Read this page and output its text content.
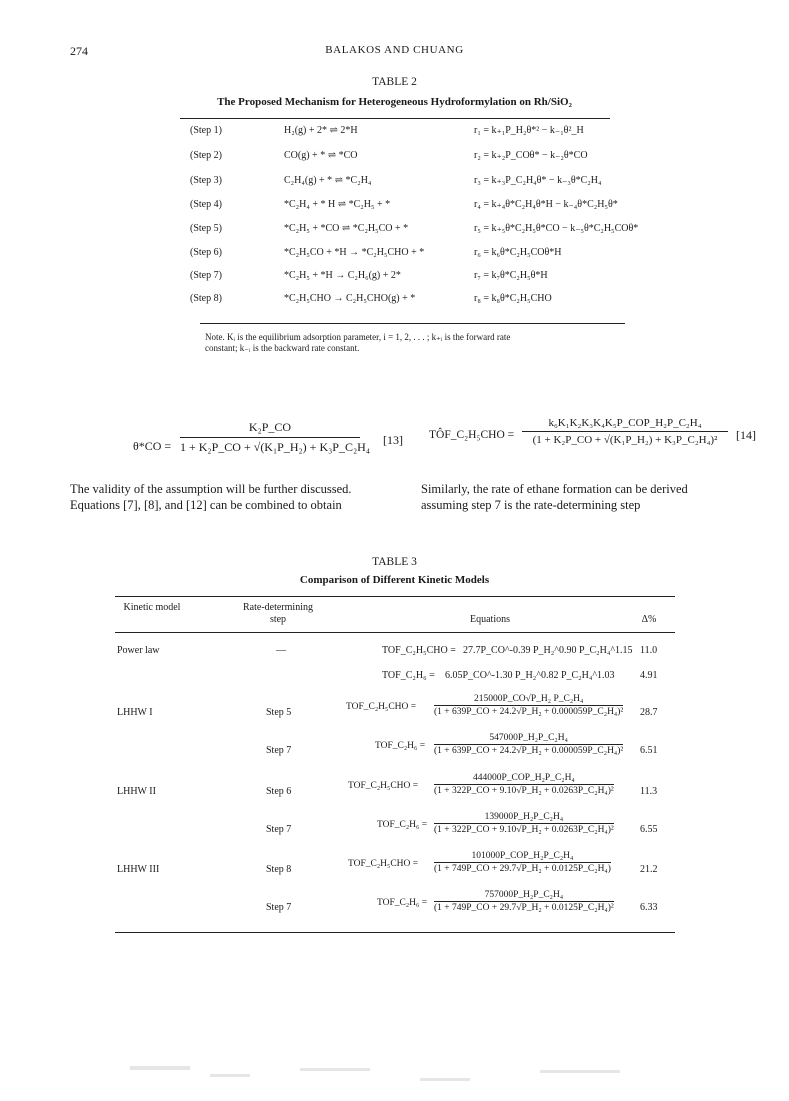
274	BALAKOS AND CHUANG
TABLE 2
The Proposed Mechanism for Heterogeneous Hydroformylation on Rh/SiO₂
(Step 1)	H₂(g) + 2* ⇌ 2*H	r₁ = k₊₁P_H₂θ*² − k₋₁θ²_H
(Step 2)	CO(g) + * ⇌ *CO	r₂ = k₊₂P_COθ* − k₋₂θ*CO
(Step 3)	C₂H₄(g) + * ⇌ *C₂H₄	r₃ = k₊₃P_C₂H₄θ* − k₋₃θ*C₂H₄
(Step 4)	*C₂H₄ + * H ⇌ *C₂H₅ + *	r₄ = k₊₄θ*C₂H₄θ*H − k₋₄θ*C₂H₅θ*
(Step 5)	*C₂H₅ + *CO ⇌ *C₂H₅CO + *	r₅ = k₊₅θ*C₂H₅θ*CO − k₋₅θ*C₂H₅COθ*
(Step 6)	*C₂H₅CO + *H → *C₂H₅CHO + *	r₆ = k₆θ*C₂H₅COθ*H
(Step 7)	*C₂H₅ + *H → C₂H₆(g) + 2*	r₇ = k₇θ*C₂H₅θ*H
(Step 8)	*C₂H₅CHO → C₂H₅CHO(g) + *	r₈ = k₈θ*C₂H₅CHO
Note. Kᵢ is the equilibrium adsorption parameter, i = 1, 2, . . . ; k₊ᵢ is the forward rate
constant; k₋ᵢ is the backward rate constant.
$\theta*CO = \frac{\text{K₂P\_CO}}{\text{1 + K₂P\_CO + √(K₁P\_H₂) + K₃P\_C₂H₄}} [13]$ TÔF_C₂H₅CHO =
k₆K₁K₂K₃K₄K₅P_COP_H₂P_C₂H₄
(1 + K₂P_CO + √(K₁P_H₂) + K₃P_C₂H₄)²	[14]
The validity of the assumption will be further discussed.
Equations [7], [8], and [12] can be combined to obtain
Similarly, the rate of ethane formation can be derived
assuming step 7 is the rate-determining step
TABLE 3
Comparison of Different Kinetic Models
Kinetic model	Rate-determining step	Equations	Δ%
Power law	—	TOF_C₂H₅CHO = 27.7P_CO^-0.39 P_H₂^0.90 P_C₂H₄^1.15 11.0
TOF_C₂H₆ = 6.05P_CO^-1.30 P_H₂^0.82 P_C₂H₄^1.03	4.91
LHHW I	Step 5	TOF_C₂H₅CHO =
215000P_CO√P_H₂ P_C₂H₄
(1 + 639P_CO + 24.2√P_H₂ + 0.000059P_C₂H₄)² 28.7
Step 7	TOF_C₂H₆ =
547000P_H₂P_C₂H₄
(1 + 639P_CO + 24.2√P_H₂ + 0.000059P_C₂H₄)² 6.51
LHHW II	Step 6	TOF_C₂H₅CHO =
444000P_COP_H₂P_C₂H₄
(1 + 322P_CO + 9.10√P_H₂ + 0.0263P_C₂H₄)²	11.3
Step 7	TOF_C₂H₆ =
139000P_H₂P_C₂H₄
(1 + 322P_CO + 9.10√P_H₂ + 0.0263P_C₂H₄)²	6.55
LHHW III	Step 8	TOF_C₂H₅CHO =
101000P_COP_H₂P_C₂H₄
(1 + 749P_CO + 29.7√P_H₂ + 0.0125P_C₂H₄)	21.2
Step 7	TOF_C₂H₆ =
757000P_H₂P_C₂H₄
(1 + 749P_CO + 29.7√P_H₂ + 0.0125P_C₂H₄)²	6.33
